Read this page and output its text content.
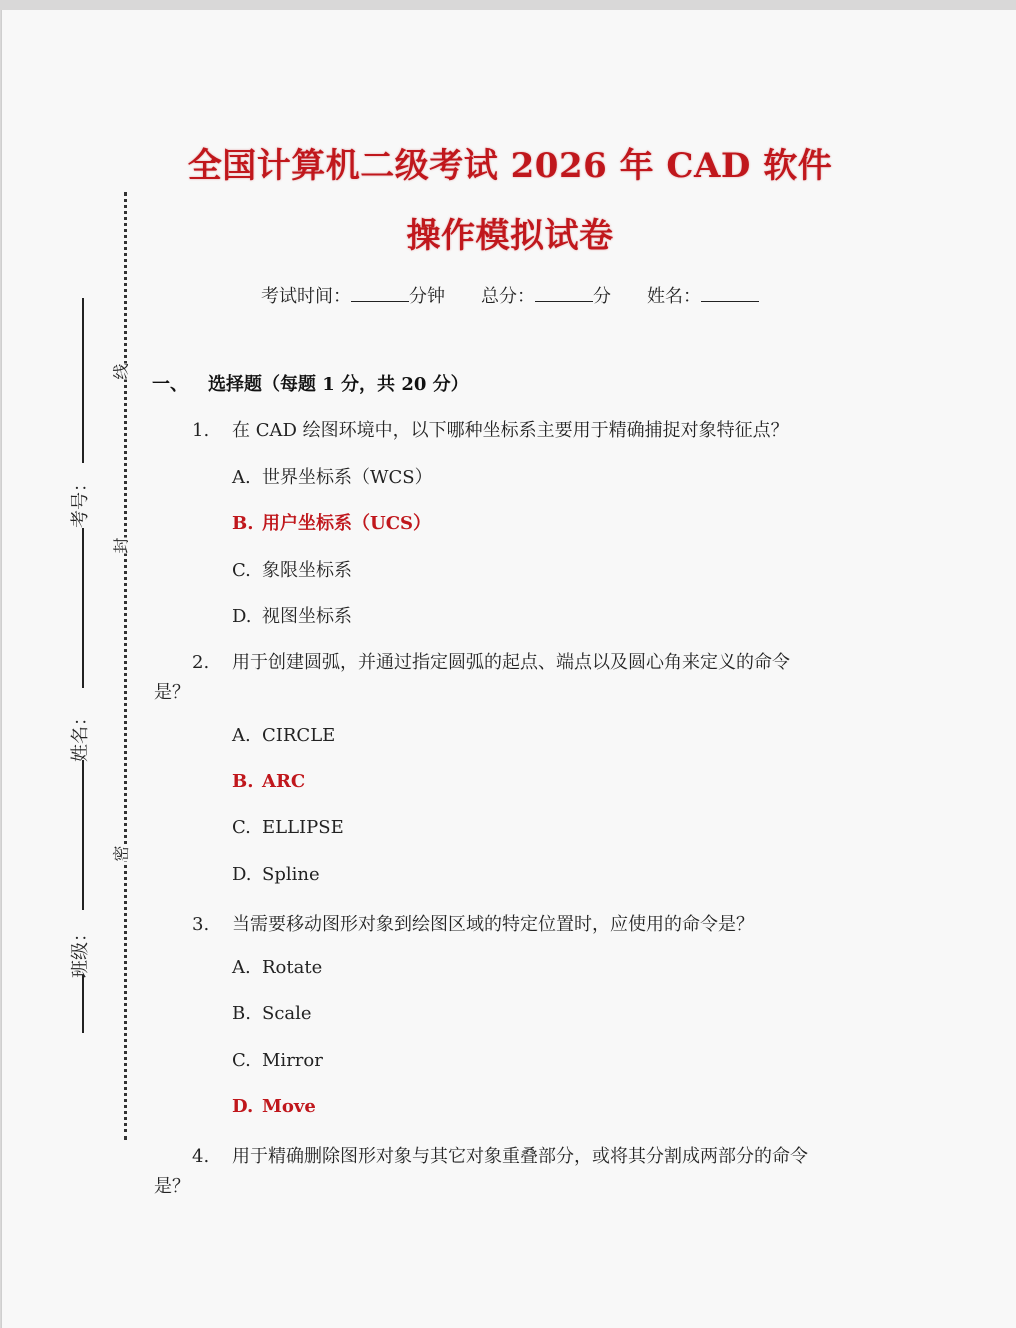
全国计算机二级考试 2026 年 CAD 软件
操作模拟试卷
考试时间：	分钟 总分：	分 姓名：
线
封
密
考号：
姓名：
班级：
一、 选择题（每题 1 分，共 20 分）
1. 在 CAD 绘图环境中，以下哪种坐标系主要用于精确捕捉对象特征点？
A. 世界坐标系（WCS）
B. 用户坐标系（UCS）
C. 象限坐标系
D. 视图坐标系
2. 用于创建圆弧，并通过指定圆弧的起点、端点以及圆心角来定义的命令
是？
A. CIRCLE
B. ARC
C. ELLIPSE
D. Spline
3. 当需要移动图形对象到绘图区域的特定位置时，应使用的命令是？
A. Rotate
B. Scale
C. Mirror
D. Move
4. 用于精确删除图形对象与其它对象重叠部分，或将其分割成两部分的命令
是？
